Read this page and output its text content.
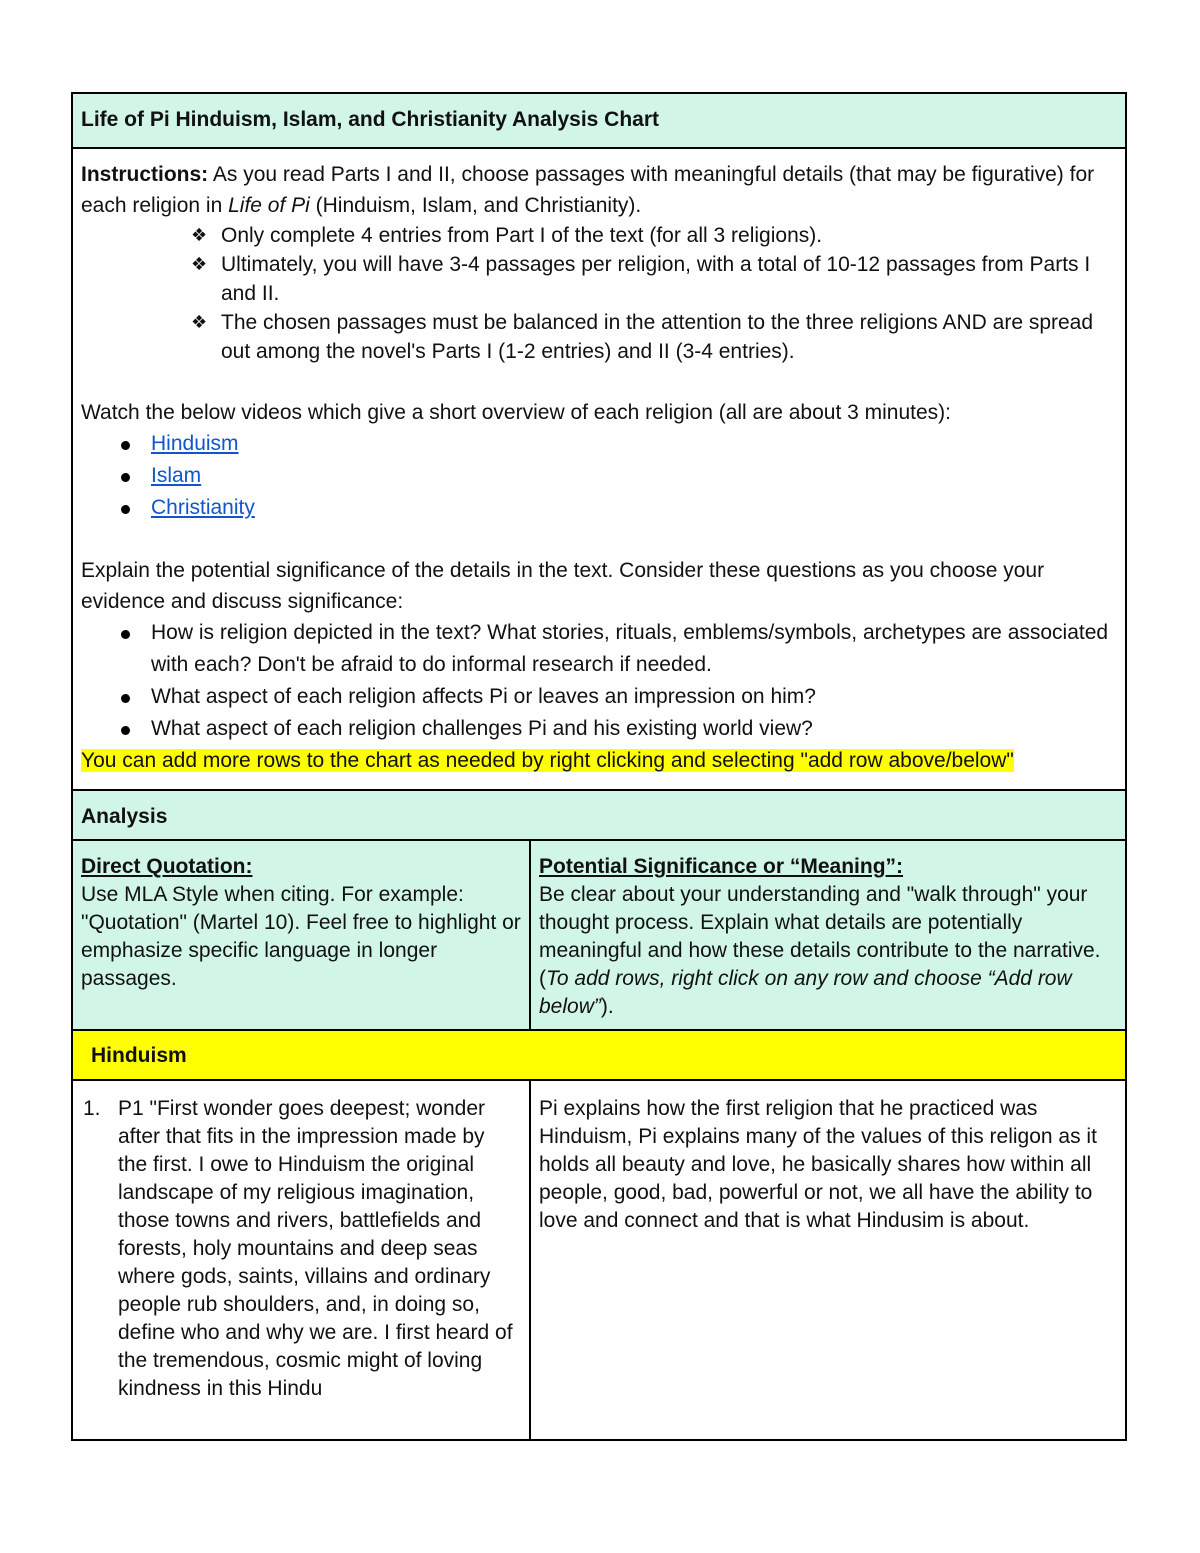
Life of Pi Hinduism, Islam, and Christianity Analysis Chart

Instructions: As you read Parts I and II, choose passages with meaningful details (that may be figurative) for each religion in Life of Pi (Hinduism, Islam, and Christianity).

❖ Only complete 4 entries from Part I of the text (for all 3 religions).
❖ Ultimately, you will have 3-4 passages per religion, with a total of 10-12 passages from Parts I and II.
❖ The chosen passages must be balanced in the attention to the three religions AND are spread out among the novel's Parts I (1-2 entries) and II (3-4 entries).

Watch the below videos which give a short overview of each religion (all are about 3 minutes):

Hinduism
Islam
Christianity

Explain the potential significance of the details in the text. Consider these questions as you choose your evidence and discuss significance:

How is religion depicted in the text? What stories, rituals, emblems/symbols, archetypes are associated with each? Don't be afraid to do informal research if needed.
What aspect of each religion affects Pi or leaves an impression on him?
What aspect of each religion challenges Pi and his existing world view?

You can add more rows to the chart as needed by right clicking and selecting "add row above/below"

Analysis
Direct Quotation:
Use MLA Style when citing. For example: "Quotation" (Martel 10). Feel free to highlight or emphasize specific language in longer passages.
Potential Significance or “Meaning”:
Be clear about your understanding and "walk through" your thought process. Explain what details are potentially meaningful and how these details contribute to the narrative. (To add rows, right click on any row and choose “Add row below”).
Hinduism
1. P1 "First wonder goes deepest; wonder after that fits in the impression made by the first. I owe to Hinduism the original landscape of my religious imagination, those towns and rivers, battlefields and forests, holy mountains and deep seas where gods, saints, villains and ordinary people rub shoulders, and, in doing so, define who and why we are. I first heard of the tremendous, cosmic might of loving kindness in this Hindu
Pi explains how the first religion that he practiced was Hinduism, Pi explains many of the values of this religon as it holds all beauty and love, he basically shares how within all people, good, bad, powerful or not, we all have the ability to love and connect and that is what Hindusim is about.
